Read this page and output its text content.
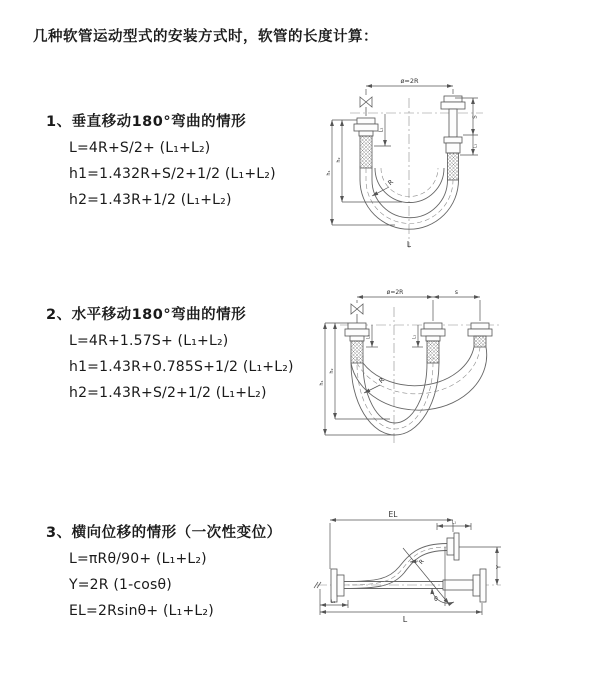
几种软管运动型式的安装方式时，软管的长度计算：
1、垂直移动180°弯曲的情形
L=4R+S/2+ (L₁+L₂)
h1=1.432R+S/2+1/2 (L₁+L₂)
h2=1.43R+1/2 (L₁+L₂)
2、水平移动180°弯曲的情形
L=4R+1.57S+ (L₁+L₂)
h1=1.43R+0.785S+1/2 (L₁+L₂)
h2=1.43R+S/2+1/2 (L₁+L₂)
3、横向位移的情形（一次性变位）
L=πRθ/90+ (L₁+L₂)
Y=2R (1-cosθ)
EL=2Rsinθ+ (L₁+L₂)
ø=2R
L₁
S
L₁
h₁
h₂
R
L
ø=2R	s
L₁	L₁
h₁
h₂
R
EL
L₁
Y
R
θ
L₁
L
